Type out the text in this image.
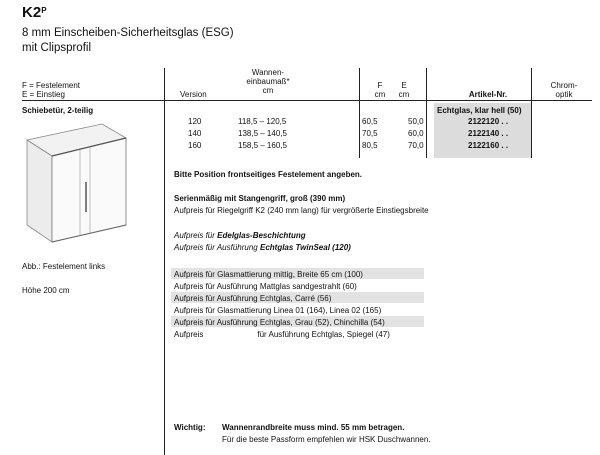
$K2^P$
8 mm Einscheiben-Sicherheitsglas (ESG)
mit Clipsprofil
F = Festelement
E = Einstieg	Version
Wannen-
einbaumaß*
cm
F
cm
E
cm	Artikel-Nr.
Chrom-
optik
Schiebetür, 2-teilig
Abb.: Festelement links
Höhe 200 cm
Echtglas, klar hell (50)
120	118,5 – 120,5	60,5	50,0	2122120 . .
140	138,5 – 140,5	70,5	60,0	2122140 . .
160	158,5 – 160,5	80,5	70,0	2122160 . .
Bitte Position frontseitiges Festelement angeben.
Serienmäßig mit Stangengriff, groß (390 mm)
Aufpreis für Riegelgriff K2 (240 mm lang) für vergrößerte Einstiegsbreite
Aufpreis für Edelglas-Beschichtung
Aufpreis für Ausführung Echtglas TwinSeal (120)
Aufpreis für Glasmattierung mittig, Breite 65 cm (100)
Aufpreis für Ausführung Mattglas sandgestrahlt (60)
Aufpreis für Ausführung Echtglas, Carré (56)
Aufpreis für Glasmattierung Linea 01 (164), Linea 02 (165)
Aufpreis für Ausführung Echtglas, Grau (52), Chinchilla (54)
Aufpreis	für Ausführung Echtglas, Spiegel (47)
Wichtig: Wannenrandbreite muss mind. 55 mm betragen.
Für die beste Passform empfehlen wir HSK Duschwannen.
